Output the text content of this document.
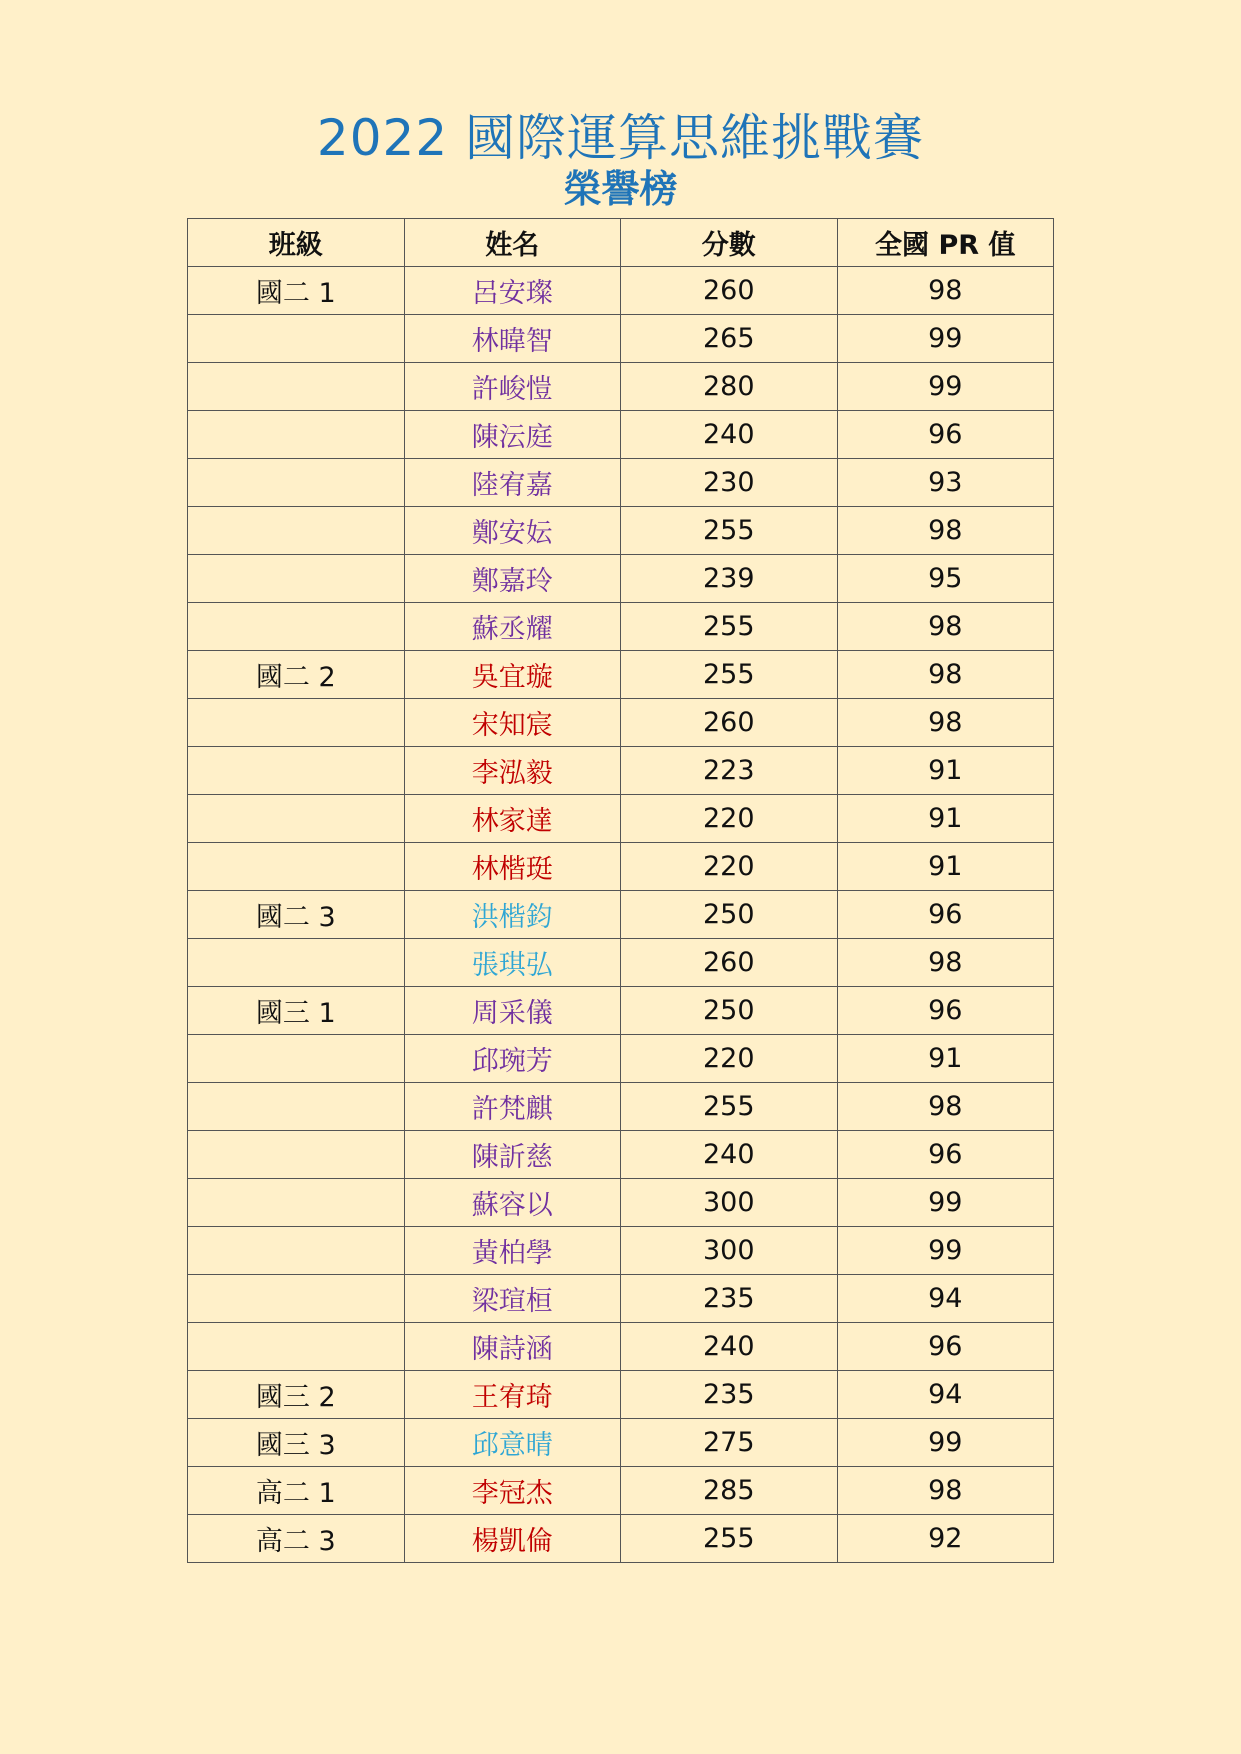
2022 國際運算思維挑戰賽
榮譽榜
班級	姓名	分數	全國 PR 值
國二 1	呂安璨	260	98
	林暐智	265	99
	許峻愷	280	99
	陳沄庭	240	96
	陸宥嘉	230	93
	鄭安妘	255	98
	鄭嘉玲	239	95
	蘇丞耀	255	98
國二 2	吳宜璇	255	98
	宋知宸	260	98
	李泓毅	223	91
	林家達	220	91
	林楷珽	220	91
國二 3	洪楷鈞	250	96
	張琪弘	260	98
國三 1	周采儀	250	96
	邱琬芳	220	91
	許梵麒	255	98
	陳訢慈	240	96
	蘇容以	300	99
	黃柏學	300	99
	梁瑄桓	235	94
	陳詩涵	240	96
國三 2	王宥琦	235	94
國三 3	邱意晴	275	99
高二 1	李冠杰	285	98
高二 3	楊凱倫	255	92
